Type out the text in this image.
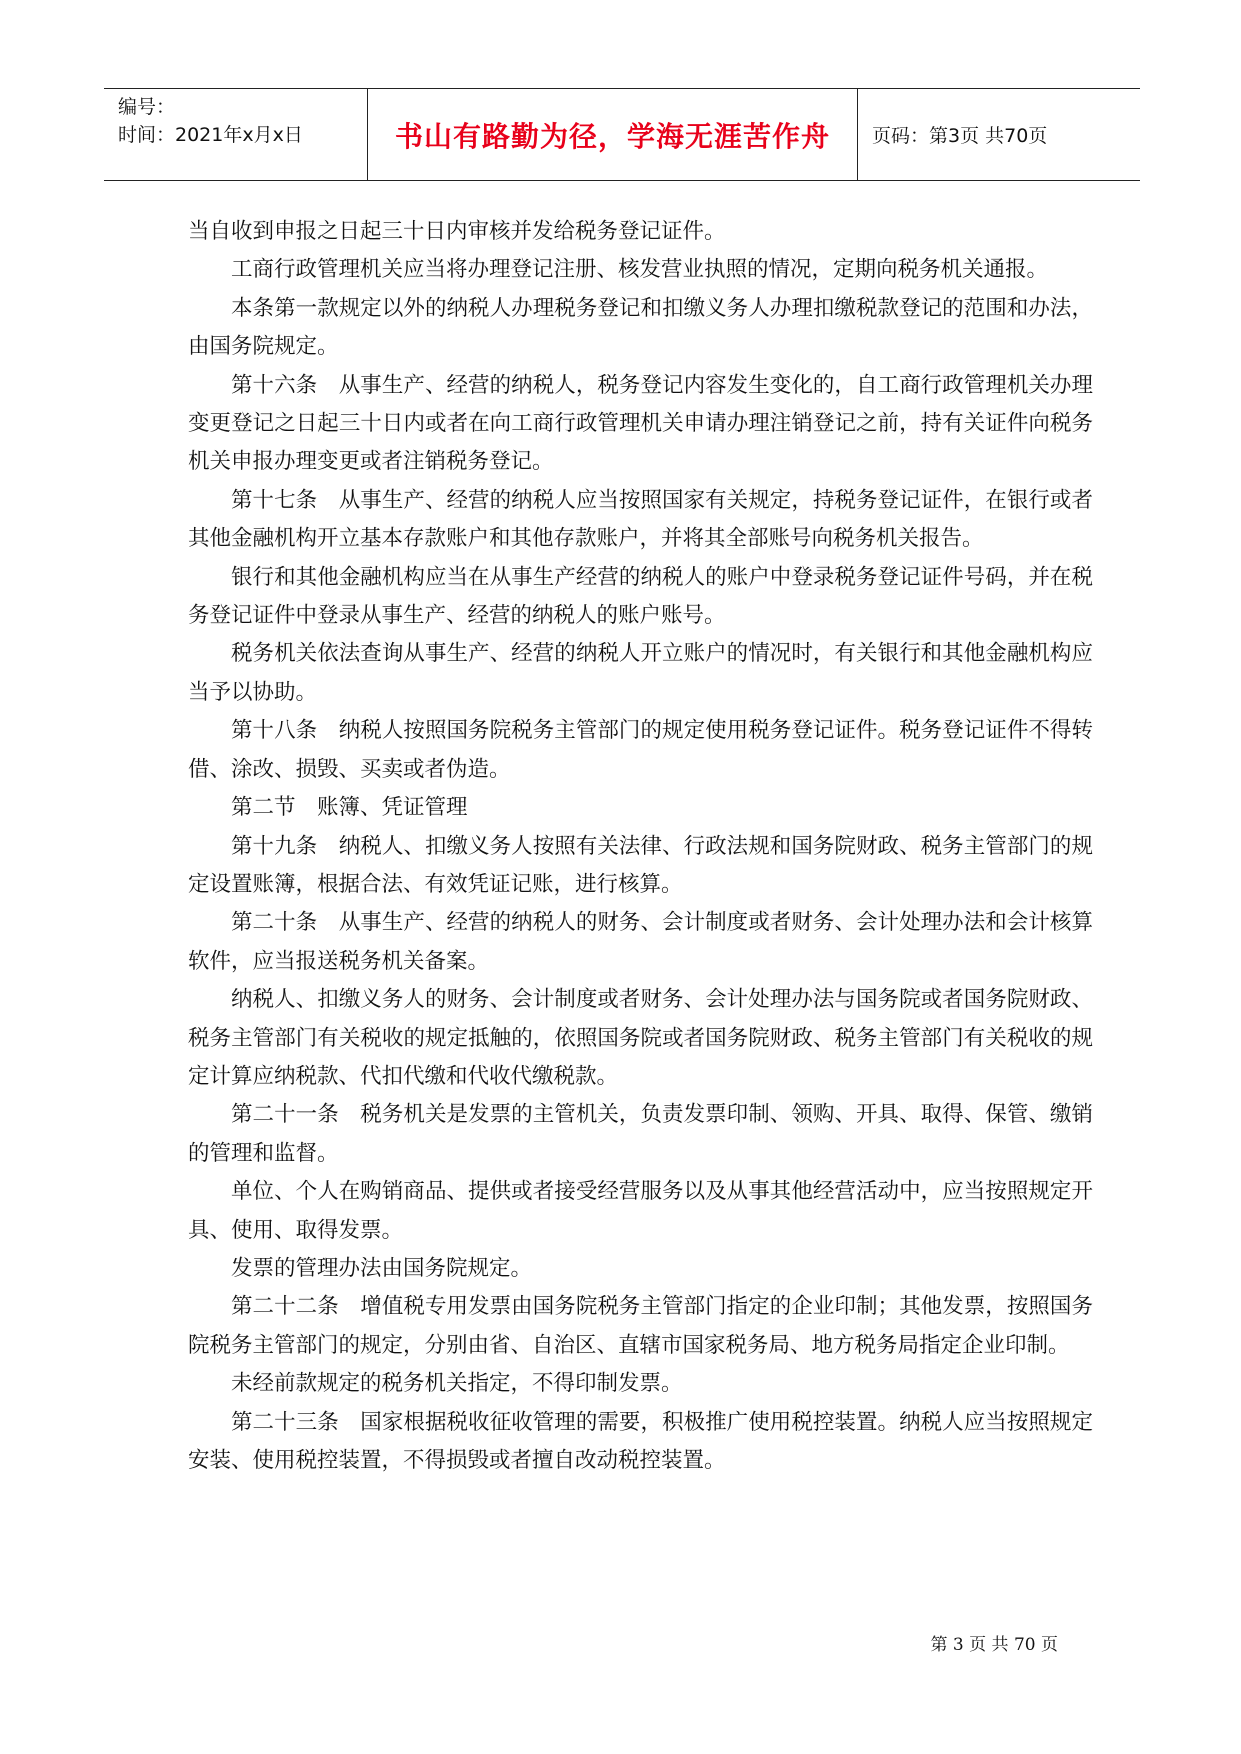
编号：
时间：2021年x月x日	书山有路勤为径，学海无涯苦作舟 页码：第3页 共70页

当自收到申报之日起三十日内审核并发给税务登记证件。

工商行政管理机关应当将办理登记注册、核发营业执照的情况，定期向税务机关通报。

本条第一款规定以外的纳税人办理税务登记和扣缴义务人办理扣缴税款登记的范围和办法，由国务院规定。

第十六条　从事生产、经营的纳税人，税务登记内容发生变化的，自工商行政管理机关办理变更登记之日起三十日内或者在向工商行政管理机关申请办理注销登记之前，持有关证件向税务机关申报办理变更或者注销税务登记。

第十七条　从事生产、经营的纳税人应当按照国家有关规定，持税务登记证件，在银行或者其他金融机构开立基本存款账户和其他存款账户，并将其全部账号向税务机关报告。

银行和其他金融机构应当在从事生产经营的纳税人的账户中登录税务登记证件号码，并在税务登记证件中登录从事生产、经营的纳税人的账户账号。

税务机关依法查询从事生产、经营的纳税人开立账户的情况时，有关银行和其他金融机构应当予以协助。

第十八条　纳税人按照国务院税务主管部门的规定使用税务登记证件。税务登记证件不得转借、涂改、损毁、买卖或者伪造。

第二节　账簿、凭证管理

第十九条　纳税人、扣缴义务人按照有关法律、行政法规和国务院财政、税务主管部门的规定设置账簿，根据合法、有效凭证记账，进行核算。

第二十条　从事生产、经营的纳税人的财务、会计制度或者财务、会计处理办法和会计核算软件，应当报送税务机关备案。

纳税人、扣缴义务人的财务、会计制度或者财务、会计处理办法与国务院或者国务院财政、税务主管部门有关税收的规定抵触的，依照国务院或者国务院财政、税务主管部门有关税收的规定计算应纳税款、代扣代缴和代收代缴税款。

第二十一条　税务机关是发票的主管机关，负责发票印制、领购、开具、取得、保管、缴销的管理和监督。

单位、个人在购销商品、提供或者接受经营服务以及从事其他经营活动中，应当按照规定开具、使用、取得发票。

发票的管理办法由国务院规定。

第二十二条　增值税专用发票由国务院税务主管部门指定的企业印制；其他发票，按照国务院税务主管部门的规定，分别由省、自治区、直辖市国家税务局、地方税务局指定企业印制。

未经前款规定的税务机关指定，不得印制发票。

第二十三条　国家根据税收征收管理的需要，积极推广使用税控装置。纳税人应当按照规定安装、使用税控装置，不得损毁或者擅自改动税控装置。

第 3 页 共 70 页
